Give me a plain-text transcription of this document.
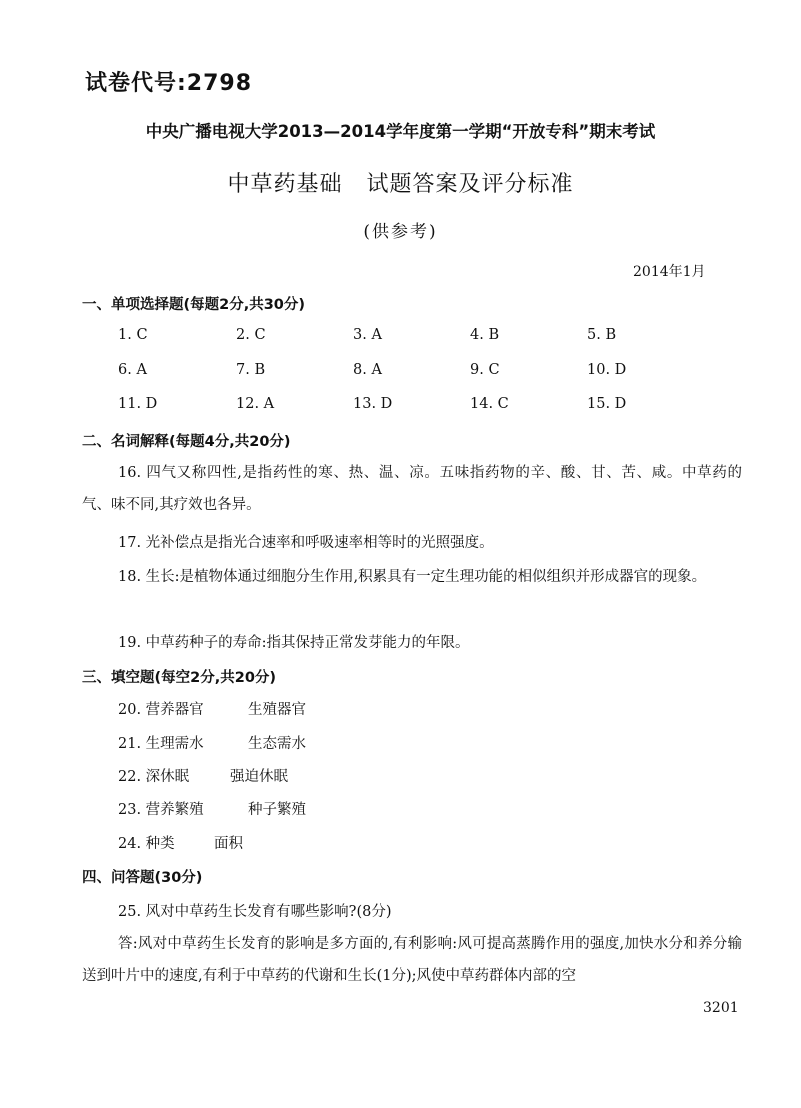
试卷代号:2798
中央广播电视大学2013—2014学年度第一学期“开放专科”期末考试
中草药基础 试题答案及评分标准
(供参考)
2014年1月
一、单项选择题(每题2分,共30分)
1. C	2. C	3. A	4. B	5. B
6. A	7. B	8. A	9. C	10. D
11. D	12. A	13. D	14. C	15. D
二、名词解释(每题4分,共20分)
16. 四气又称四性,是指药性的寒、热、温、凉。五味指药物的辛、酸、甘、苦、咸。中草药的气、味不同,其疗效也各异。
17. 光补偿点是指光合速率和呼吸速率相等时的光照强度。
18. 生长:是植物体通过细胞分生作用,积累具有一定生理功能的相似组织并形成器官的现象。
19. 中草药种子的寿命:指其保持正常发芽能力的年限。
三、填空题(每空2分,共20分)
20. 营养器官	生殖器官
21. 生理需水	生态需水
22. 深休眠	强迫休眠
23. 营养繁殖	种子繁殖
24. 种类	面积
四、问答题(30分)
25. 风对中草药生长发育有哪些影响?(8分)
答:风对中草药生长发育的影响是多方面的,有利影响:风可提高蒸腾作用的强度,加快水分和养分输送到叶片中的速度,有利于中草药的代谢和生长(1分);风使中草药群体内部的空
3201
